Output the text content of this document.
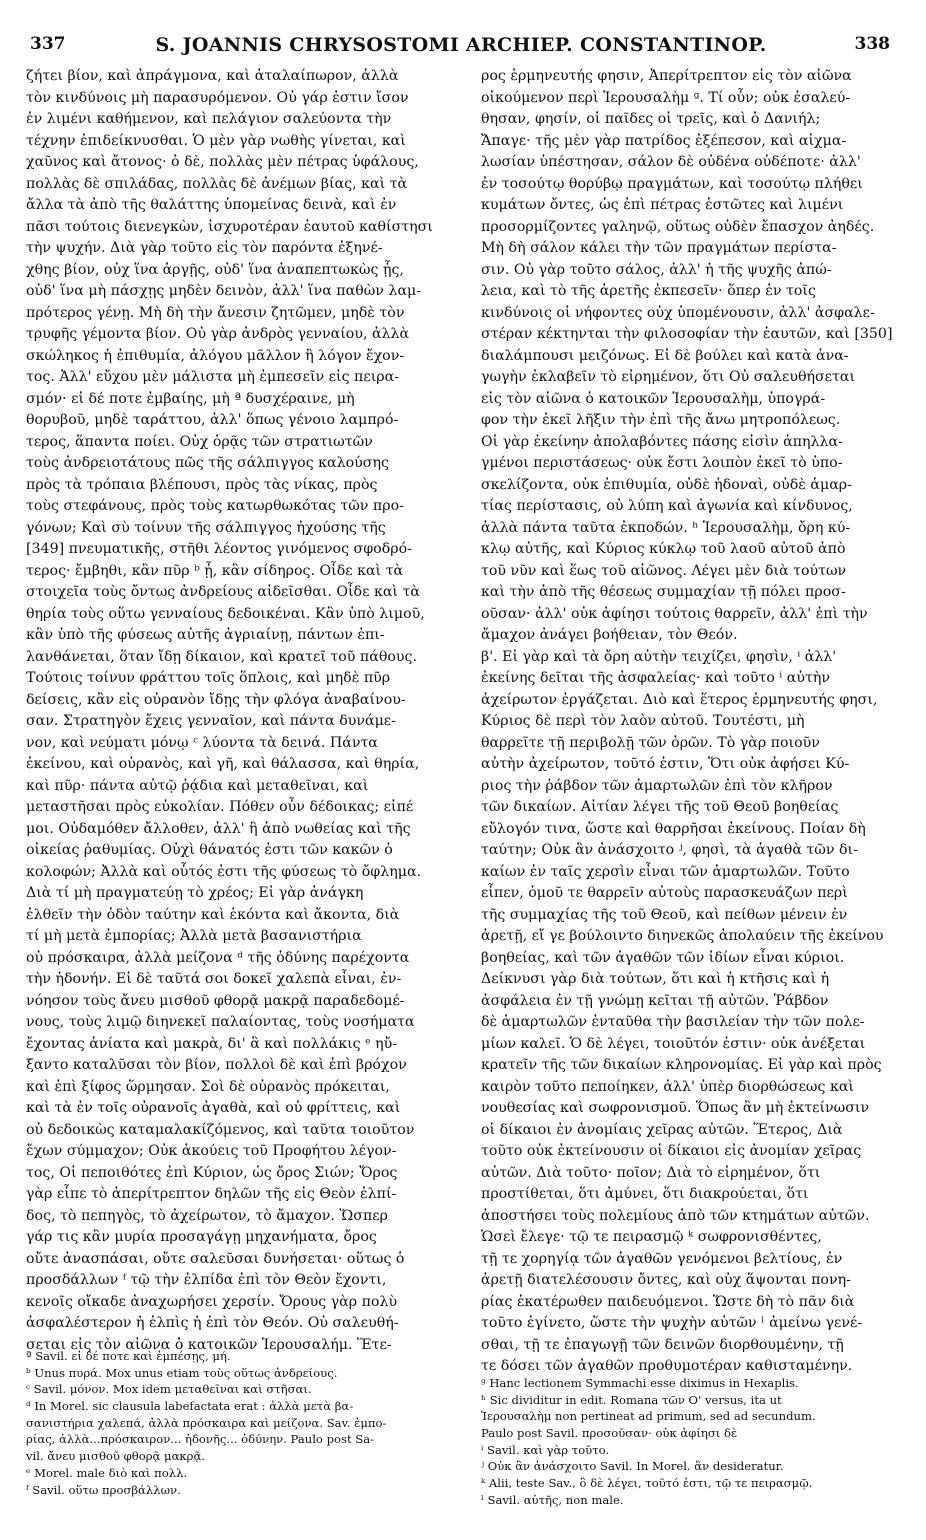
337	S. JOANNIS CHRYSOSTOMI ARCHIEP. CONSTANTINOP.	338

ζήτει βίον, καὶ ἀπράγμονα, καὶ ἀταλαίπωρον, ἀλλὰ

τὸν κινδύνοις μὴ παρασυρόμενον. Οὐ γάρ ἐστιν ἴσον

ἐν λιμένι καθήμενον, καὶ πελάγιον σαλεύοντα τὴν

τέχνην ἐπιδείκνυσθαι. Ὁ μὲν γὰρ νωθὴς γίνεται, καὶ

χαῦνος καὶ ἄτονος· ὁ δὲ, πολλὰς μὲν πέτρας ὑφάλους,

πολλὰς δὲ σπιλάδας, πολλὰς δὲ ἀνέμων βίας, καὶ τὰ

ἄλλα τὰ ἀπὸ τῆς θαλάττης ὑπομείνας δεινὰ, καὶ ἐν

πᾶσι τούτοις διενεγκὼν, ἰσχυροτέραν ἑαυτοῦ καθίστησι

τὴν ψυχήν. Διὰ γὰρ τοῦτο εἰς τὸν παρόντα ἐξηνέ-

χθης βίον, οὐχ ἵνα ἀργῇς, οὐδ' ἵνα ἀναπεπτωκὼς ᾖς,

οὐδ' ἵνα μὴ πάσχῃς μηδὲν δεινὸν, ἀλλ' ἵνα παθὼν λαμ-

πρότερος γένῃ. Μὴ δὴ τὴν ἄνεσιν ζητῶμεν, μηδὲ τὸν

τρυφῆς γέμοντα βίον. Οὐ γὰρ ἀνδρὸς γενναίου, ἀλλὰ

σκώληκος ἡ ἐπιθυμία, ἀλόγου μᾶλλον ἢ λόγον ἔχον-

τος. Ἀλλ' εὔχου μὲν μάλιστα μὴ ἐμπεσεῖν εἰς πειρα-

σμόν· εἰ δέ ποτε ἐμβαίης, μὴ ª δυσχέραινε, μὴ

θορυβοῦ, μηδὲ ταράττου, ἀλλ' ὅπως γένοιο λαμπρό-

τερος, ἅπαντα ποίει. Οὐχ ὁρᾷς τῶν στρατιωτῶν

τοὺς ἀνδρειοτάτους πῶς τῆς σάλπιγγος καλούσης

πρὸς τὰ τρόπαια βλέπουσι, πρὸς τὰς νίκας, πρὸς

τοὺς στεφάνους, πρὸς τοὺς κατωρθωκότας τῶν προ-

γόνων; Καὶ σὺ τοίνυν τῆς σάλπιγγος ἠχούσης τῆς

[349] πνευματικῆς, στῆθι λέοντος γινόμενος σφοδρό-

τερος· ἔμβηθι, κἂν πῦρ ᵇ ᾖ, κἂν σίδηρος. Οἶδε καὶ τὰ

στοιχεῖα τοὺς ὄντως ἀνδρείους αἰδεῖσθαι. Οἶδε καὶ τὰ

θηρία τοὺς οὕτω γενναίους δεδοικέναι. Κἂν ὑπὸ λιμοῦ,

κἂν ὑπὸ τῆς φύσεως αὐτῆς ἀγριαίνῃ, πάντων ἐπι-

λανθάνεται, ὅταν ἴδῃ δίκαιον, καὶ κρατεῖ τοῦ πάθους.

Τούτοις τοίνυν φράττου τοῖς ὅπλοις, καὶ μηδὲ πῦρ

δείσεις, κἂν εἰς οὐρανὸν ἴδῃς τὴν φλόγα ἀναβαίνου-

σαν. Στρατηγὸν ἔχεις γενναῖον, καὶ πάντα δυνάμε-

νον, καὶ νεύματι μόνῳ ᶜ λύοντα τὰ δεινά. Πάντα

ἐκείνου, καὶ οὐρανὸς, καὶ γῆ, καὶ θάλασσα, καὶ θηρία,

καὶ πῦρ· πάντα αὐτῷ ῥᾴδια καὶ μεταθεῖναι, καὶ

μεταστῆσαι πρὸς εὐκολίαν. Πόθεν οὖν δέδοικας; εἰπέ

μοι. Οὐδαμόθεν ἄλλοθεν, ἀλλ' ἢ ἀπὸ νωθείας καὶ τῆς

οἰκείας ῥαθυμίας. Οὐχὶ θάνατός ἐστι τῶν κακῶν ὁ

κολοφών; Ἀλλὰ καὶ οὗτός ἐστι τῆς φύσεως τὸ ὄφλημα.

Διὰ τί μὴ πραγματεύῃ τὸ χρέος; Εἰ γὰρ ἀνάγκη

ἐλθεῖν τὴν ὁδὸν ταύτην καὶ ἑκόντα καὶ ἄκοντα, διὰ

τί μὴ μετὰ ἐμπορίας; Ἀλλὰ μετὰ βασανιστήρια

οὐ πρόσκαιρα, ἀλλὰ μείζονα ᵈ τῆς ὀδύνης παρέχοντα

τὴν ἡδονήν. Εἰ δὲ ταῦτά σοι δοκεῖ χαλεπὰ εἶναι, ἐν-

νόησον τοὺς ἄνευ μισθοῦ φθορᾷ μακρᾷ παραδεδομέ-

νους, τοὺς λιμῷ διηνεκεῖ παλαίοντας, τοὺς νοσήματα

ἔχοντας ἀνίατα καὶ μακρὰ, δι' ἃ καὶ πολλάκις ᵉ ηὔ-

ξαντο καταλῦσαι τὸν βίον, πολλοὶ δὲ καὶ ἐπὶ βρόχον

καὶ ἐπὶ ξίφος ὥρμησαν. Σοὶ δὲ οὐρανὸς πρόκειται,

καὶ τὰ ἐν τοῖς οὐρανοῖς ἀγαθὰ, καὶ οὐ φρίττεις, καὶ

οὐ δεδοικὼς καταμαλακίζόμενος, καὶ ταῦτα τοιοῦτον

ἔχων σύμμαχον; Οὐκ ἀκούεις τοῦ Προφήτου λέγον-

τος, Οἱ πεποιθότες ἐπὶ Κύριον, ὡς ὄρος Σιών; Ὄρος

γὰρ εἶπε τὸ ἀπερίτρεπτον δηλῶν τῆς εἰς Θεὸν ἐλπί-

δος, τὸ πεπηγὸς, τὸ ἀχείρωτον, τὸ ἄμαχον. Ὥσπερ

γάρ τις κἂν μυρία προσαγάγῃ μηχανήματα, ὄρος

οὔτε ἀνασπάσαι, οὔτε σαλεῦσαι δυνήσεται· οὕτως ὁ

προσδάλλων ᶠ τῷ τὴν ἐλπίδα ἐπὶ τὸν Θεὸν ἔχοντι,

κενοῖς οἴκαδε ἀναχωρήσει χερσίν. Ὄρους γὰρ πολὺ

ἀσφαλέστερον ἡ ἐλπὶς ἡ ἐπὶ τὸν Θεόν. Οὐ σαλευθή-

σεται εἰς τὸν αἰῶνα ὁ κατοικῶν Ἱερουσαλήμ. Ἕτε-

ρος ἑρμηνευτής φησιν, Ἀπερίτρεπτον εἰς τὸν αἰῶνα

οἰκούμενον περὶ Ἱερουσαλὴμ ᵍ. Τί οὖν; οὐκ ἐσαλεύ-

θησαν, φησίν, οἱ παῖδες οἱ τρεῖς, καὶ ὁ Δανιήλ;

Ἄπαγε· τῆς μὲν γὰρ πατρίδος ἐξέπεσον, καὶ αἰχμα-

λωσίαν ὑπέστησαν, σάλον δὲ οὐδένα οὐδέποτε· ἀλλ'

ἐν τοσούτῳ θορύβῳ πραγμάτων, καὶ τοσούτῳ πλήθει

κυμάτων ὄντες, ὡς ἐπὶ πέτρας ἑστῶτες καὶ λιμένι

προσορμίζοντες γαληνῷ, οὕτως οὐδὲν ἔπασχον ἀηδές.

Μὴ δὴ σάλον κάλει τὴν τῶν πραγμάτων περίστα-

σιν. Οὐ γὰρ τοῦτο σάλος, ἀλλ' ἡ τῆς ψυχῆς ἀπώ-

λεια, καὶ τὸ τῆς ἀρετῆς ἐκπεσεῖν· ὅπερ ἐν τοῖς

κινδύνοις οἱ νήφοντες οὐχ ὑπομένουσιν, ἀλλ' ἀσφαλε-

στέραν κέκτηνται τὴν φιλοσοφίαν τὴν ἑαυτῶν, καὶ [350]

διαλάμπουσι μειζόνως. Εἰ δὲ βούλει καὶ κατὰ ἀνα-

γωγὴν ἐκλαβεῖν τὸ εἰρημένον, ὅτι Οὐ σαλευθήσεται

εἰς τὸν αἰῶνα ὁ κατοικῶν Ἱερουσαλὴμ, ὑπογρά-

φον τὴν ἐκεῖ λῆξιν τὴν ἐπὶ τῆς ἄνω μητροπόλεως.

Οἱ γὰρ ἐκείνην ἀπολαβόντες πάσης εἰσὶν ἀπηλλα-

γμένοι περιστάσεως· οὐκ ἔστι λοιπὸν ἐκεῖ τὸ ὑπο-

σκελίζοντα, οὐκ ἐπιθυμία, οὐδὲ ἡδοναὶ, οὐδὲ ἁμαρ-

τίας περίστασις, οὐ λύπη καὶ ἀγωνία καὶ κίνδυνος,

ἀλλὰ πάντα ταῦτα ἐκποδών. ʰ Ἱερουσαλὴμ, ὄρη κύ-

κλῳ αὐτῆς, καὶ Κύριος κύκλῳ τοῦ λαοῦ αὐτοῦ ἀπὸ

τοῦ νῦν καὶ ἕως τοῦ αἰῶνος. Λέγει μὲν διὰ τούτων

καὶ τὴν ἀπὸ τῆς θέσεως συμμαχίαν τῇ πόλει προσ-

οῦσαν· ἀλλ' οὐκ ἀφίησι τούτοις θαρρεῖν, ἀλλ' ἐπὶ τὴν

ἄμαχον ἀνάγει βοήθειαν, τὸν Θεόν.

β'. Εἰ γὰρ καὶ τὰ ὄρη αὐτὴν τειχίζει, φησὶν, ⁱ ἀλλ'

ἐκείνης δεῖται τῆς ἀσφαλείας· καὶ τοῦτο ⁱ αὐτὴν

ἀχείρωτον ἐργάζεται. Διὸ καὶ ἕτερος ἑρμηνευτής φησι,

Κύριος δὲ περὶ τὸν λαὸν αὐτοῦ. Τουτέστι, μὴ

θαρρεῖτε τῇ περιβολῇ τῶν ὀρῶν. Τὸ γὰρ ποιοῦν

αὐτὴν ἀχείρωτον, τοῦτό ἐστιν, Ὅτι οὐκ ἀφήσει Κύ-

ριος τὴν ῥάβδον τῶν ἁμαρτωλῶν ἐπὶ τὸν κλῆρον

τῶν δικαίων. Αἰτίαν λέγει τῆς τοῦ Θεοῦ βοηθείας

εὔλογόν τινα, ὥστε καὶ θαρρῆσαι ἐκείνους. Ποίαν δὴ

ταύτην; Οὐκ ἂν ἀνάσχοιτο ʲ, φησὶ, τὰ ἀγαθὰ τῶν δι-

καίων ἐν ταῖς χερσὶν εἶναι τῶν ἁμαρτωλῶν. Τοῦτο

εἶπεν, ὁμοῦ τε θαρρεῖν αὐτοὺς παρασκευάζων περὶ

τῆς συμμαχίας τῆς τοῦ Θεοῦ, καὶ πείθων μένειν ἐν

ἀρετῇ, εἴ γε βούλοιντο διηνεκῶς ἀπολαύειν τῆς ἐκείνου

βοηθείας, καὶ τῶν ἀγαθῶν τῶν ἰδίων εἶναι κύριοι.

Δείκνυσι γὰρ διὰ τούτων, ὅτι καὶ ἡ κτῆσις καὶ ἡ

ἀσφάλεια ἐν τῇ γνώμῃ κεῖται τῇ αὐτῶν. Ῥάβδον

δὲ ἁμαρτωλῶν ἐνταῦθα τὴν βασιλείαν τὴν τῶν πολε-

μίων καλεῖ. Ὁ δὲ λέγει, τοιοῦτόν ἐστιν· οὐκ ἀνέξεται

κρατεῖν τῆς τῶν δικαίων κληρονομίας. Εἰ γὰρ καὶ πρὸς

καιρὸν τοῦτο πεποίηκεν, ἀλλ' ὑπὲρ διορθώσεως καὶ

νουθεσίας καὶ σωφρονισμοῦ. Ὅπως ἂν μὴ ἐκτείνωσιν

οἱ δίκαιοι ἐν ἀνομίαις χεῖρας αὐτῶν. Ἕτερος, Διὰ

τοῦτο οὐκ ἐκτείνουσιν οἱ δίκαιοι εἰς ἀνομίαν χεῖρας

αὐτῶν. Διὰ τοῦτο· ποῖον; Διὰ τὸ εἰρημένον, ὅτι

προστίθεται, ὅτι ἀμύνει, ὅτι διακρούεται, ὅτι

ἀποστήσει τοὺς πολεμίους ἀπὸ τῶν κτημάτων αὐτῶν.

Ὡσεὶ ἔλεγε· τῷ τε πειρασμῷ ᵏ σωφρονισθέντες,

τῇ τε χορηγίᾳ τῶν ἀγαθῶν γενόμενοι βελτίους, ἐν

ἀρετῇ διατελέσουσιν ὄντες, καὶ οὐχ ἅψονται πονη-

ρίας ἑκατέρωθεν παιδευόμενοι. Ὥστε δὴ τὸ πᾶν διὰ

τοῦτο ἐγίνετο, ὥστε τὴν ψυχὴν αὐτῶν ˡ ἀμείνω γενέ-

σθαι, τῇ τε ἐπαγωγῇ τῶν δεινῶν διορθουμένην, τῇ

τε δόσει τῶν ἀγαθῶν προθυμοτέραν καθισταμένην.

ª Savil. εἰ δέ ποτε καὶ ἐμπέσῃς, μή.

ᵇ Unus πυρά. Mox unus etiam τοὺς οὕτως ἀνδρείους.

ᶜ Savil. μόνον. Mox idem μεταθεῖναι καὶ στῆσαι.

ᵈ In Morel. sic clausula labefactata erat : ἀλλὰ μετὰ βα-

σανιστήρια χαλεπά, ἀλλὰ πρόσκαιρα καὶ μείζονα. Sav. ἐμπο-

ρίας, ἀλλὰ...πρόσκαιρον... ἡδονῆς... ὀδύνην. Paulo post Sa-

vil. ἄνευ μισθοῦ φθορᾷ μακρᾷ.

ᵉ Morel. male διὸ καὶ πολλ.

ᶠ Savil. οὕτω προσβάλλων.

ᵍ Hanc lectionem Symmachi esse diximus in Hexaplis.

ʰ Sic dividitur in edit. Romana τῶν Ο' versus, ita ut

Ἱερουσαλὴμ non pertineat ad primum, sed ad secundum.

Paulo post Savil. προσοῦσαν· οὐκ ἀφίησι δὲ

ⁱ Savil. καὶ γὰρ τοῦτο.

ʲ Οὐκ ἂν ἀνάσχοιτο Savil. In Morel. ἂν desideratur.

ᵏ Alii, teste Sav., ὃ δὲ λέγει, τοῦτό ἐστι, τῷ τε πειρασμῷ.

ˡ Savil. αὐτῆς, non male.
